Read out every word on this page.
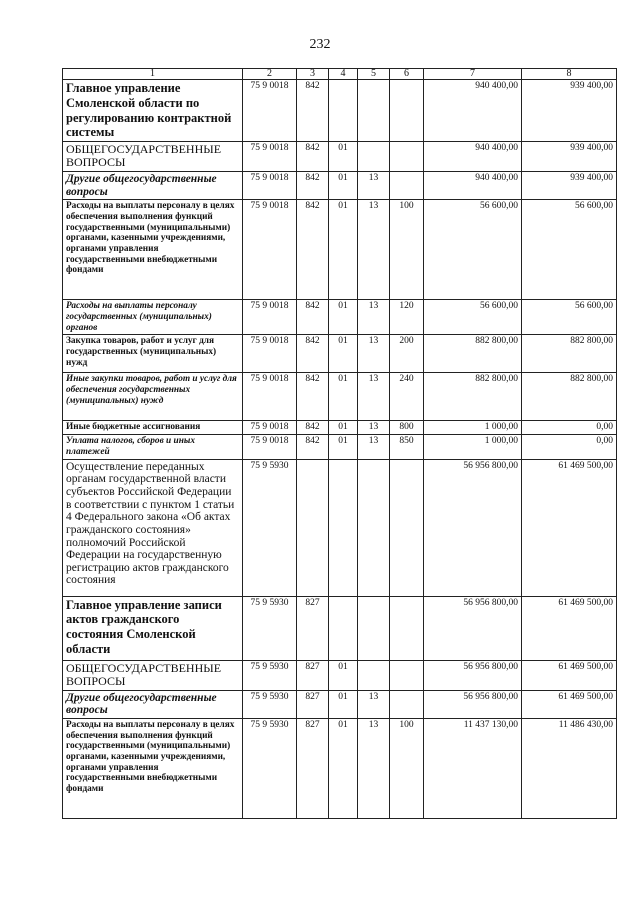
232
1	2	3	4	5	6	7	8
Главное управление Смоленской области по регулированию контрактной системы	75 9 0018	842				940 400,00	939 400,00
ОБЩЕГОСУДАРСТВЕННЫЕ ВОПРОСЫ	75 9 0018	842	01			940 400,00	939 400,00
Другие общегосударственные вопросы	75 9 0018	842	01	13		940 400,00	939 400,00
Расходы на выплаты персоналу в целях обеспечения выполнения функций государственными (муниципальными) органами, казенными учреждениями, органами управления государственными внебюджетными фондами	75 9 0018	842	01	13	100	56 600,00	56 600,00
Расходы на выплаты персоналу государственных (муниципальных) органов	75 9 0018	842	01	13	120	56 600,00	56 600,00
Закупка товаров, работ и услуг для государственных (муниципальных) нужд	75 9 0018	842	01	13	200	882 800,00	882 800,00
Иные закупки товаров, работ и услуг для обеспечения государственных (муниципальных) нужд	75 9 0018	842	01	13	240	882 800,00	882 800,00
Иные бюджетные ассигнования	75 9 0018	842	01	13	800	1 000,00	0,00
Уплата налогов, сборов и иных платежей	75 9 0018	842	01	13	850	1 000,00	0,00
Осуществление переданных органам государственной власти субъектов Российской Федерации в соответствии с пунктом 1 статьи 4 Федерального закона «Об актах гражданского состояния» полномочий Российской Федерации на государственную регистрацию актов гражданского состояния	75 9 5930					56 956 800,00	61 469 500,00
Главное управление записи актов гражданского состояния Смоленской области	75 9 5930	827				56 956 800,00	61 469 500,00
ОБЩЕГОСУДАРСТВЕННЫЕ ВОПРОСЫ	75 9 5930	827	01			56 956 800,00	61 469 500,00
Другие общегосударственные вопросы	75 9 5930	827	01	13		56 956 800,00	61 469 500,00
Расходы на выплаты персоналу в целях обеспечения выполнения функций государственными (муниципальными) органами, казенными учреждениями, органами управления государственными внебюджетными фондами	75 9 5930	827	01	13	100	11 437 130,00	11 486 430,00
